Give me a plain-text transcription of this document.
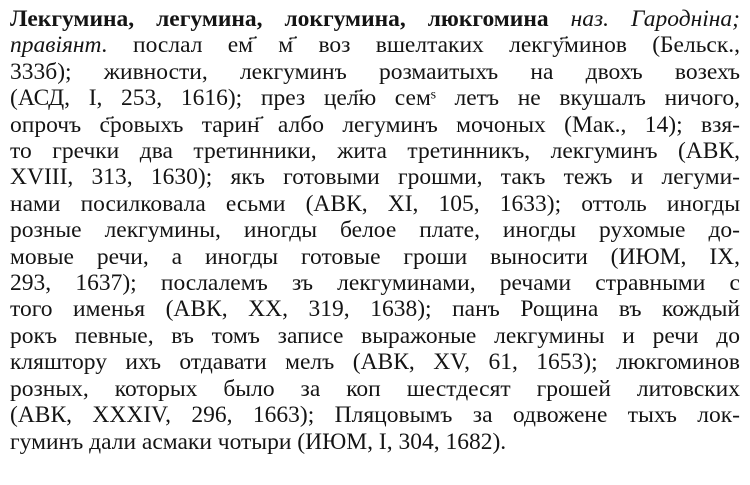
Лекгумина, легумина, локгумина, люкгомина наз. Гароднiна;
правiянт. послал ем҃ м҃ воз вшелтаких лекгу҃минов (Бельск.,
333б); живности, лекгуминъ розмаитыхъ на двохъ возехъ
(АСД, I, 253, 1616); през цел҃ю семˢ летъ не вкушалъ ничого,
опрочъ с҃ровыхъ тарин҃ албо легуминъ мочоных (Мак., 14); взя-
то гречки два третинники, жита третинникъ, лекгуминъ (АВК,
XVIII, 313, 1630); якъ готовыми грошми, такъ тежъ и легуми-
нами посилковала есьми (АВК, XI, 105, 1633); оттоль иногды
розные лекгумины, иногды белое плате, иногды рухомые до-
мовые речи, а иногды готовые гроши выносити (ИЮМ, IX,
293, 1637); послалемъ зъ лекгуминами, речами стравными с
того именья (АВК, ХХ, 319, 1638); панъ Рощина въ кождый
рокъ певные, въ томъ записе выражоные лекгумины и речи до
кляштору ихъ отдавати мелъ (АВК, XV, 61, 1653); люкгоминов
розных, которых было за коп шестдесят грошей литовских
(АВК, XXXIV, 296, 1663); Пляцовымъ за одвожене тыхъ лок-
гуминъ дали асмаки чотыри (ИЮМ, I, 304, 1682).
